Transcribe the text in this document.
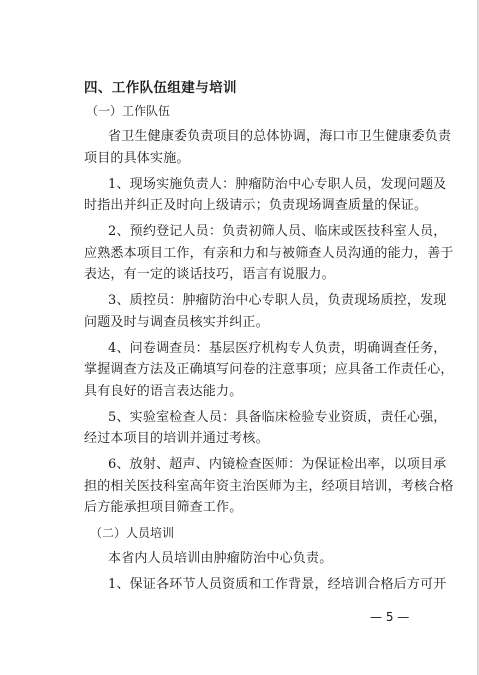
四、工作队伍组建与培训
（一）工作队伍
省卫生健康委负责项目的总体协调，海口市卫生健康委负责
项目的具体实施。
1、现场实施负责人：肿瘤防治中心专职人员，发现问题及
时指出并纠正及时向上级请示；负责现场调查质量的保证。
2、预约登记人员：负责初筛人员、临床或医技科室人员，
应熟悉本项目工作，有亲和力和与被筛查人员沟通的能力，善于
表达，有一定的谈话技巧，语言有说服力。
3、质控员：肿瘤防治中心专职人员，负责现场质控，发现
问题及时与调查员核实并纠正。
4、问卷调查员：基层医疗机构专人负责，明确调查任务，
掌握调查方法及正确填写问卷的注意事项；应具备工作责任心，
具有良好的语言表达能力。
5、实验室检查人员：具备临床检验专业资质，责任心强，
经过本项目的培训并通过考核。
6、放射、超声、内镜检查医师：为保证检出率，以项目承
担的相关医技科室高年资主治医师为主，经项目培训，考核合格
后方能承担项目筛查工作。
（二）人员培训
本省内人员培训由肿瘤防治中心负责。
1、保证各环节人员资质和工作背景，经培训合格后方可开
— 5 —
